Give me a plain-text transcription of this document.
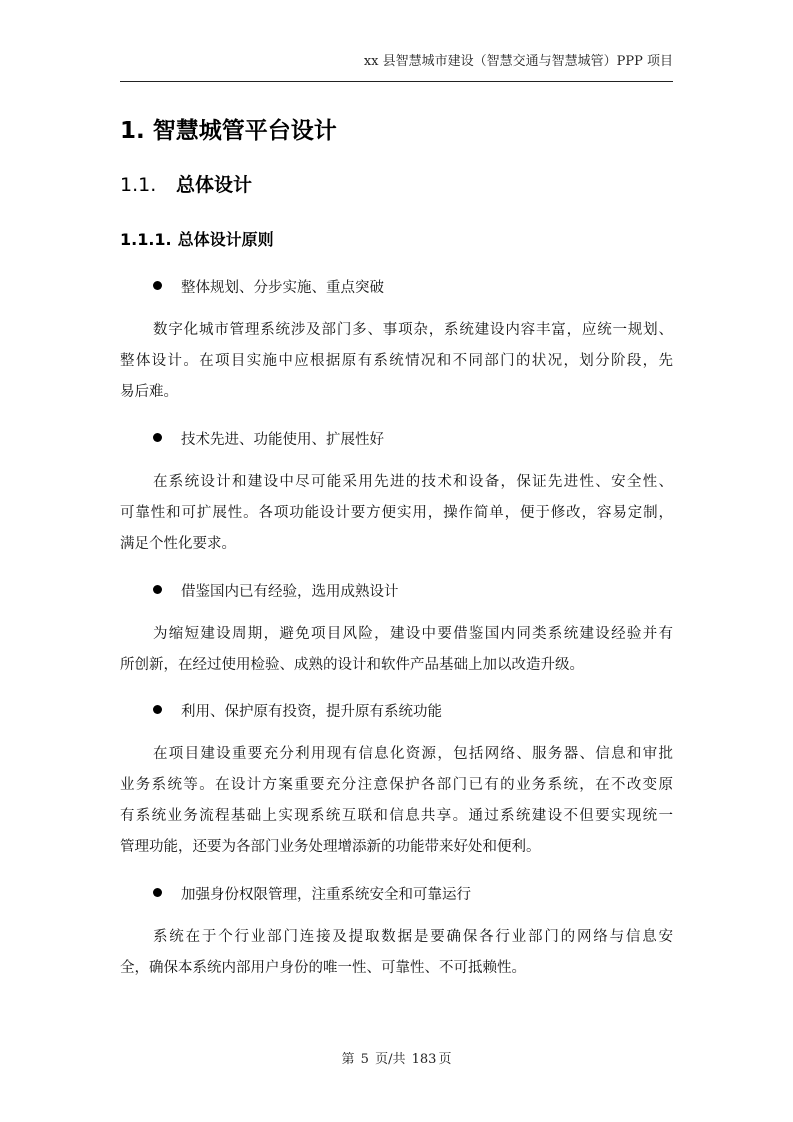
xx 县智慧城市建设（智慧交通与智慧城管）PPP 项目
1. 智慧城管平台设计
1.1. 总体设计
1.1.1. 总体设计原则
整体规划、分步实施、重点突破
数字化城市管理系统涉及部门多、事项杂，系统建设内容丰富，应统一规划、
整体设计。在项目实施中应根据原有系统情况和不同部门的状况，划分阶段，先
易后难。
技术先进、功能使用、扩展性好
在系统设计和建设中尽可能采用先进的技术和设备，保证先进性、安全性、
可靠性和可扩展性。各项功能设计要方便实用，操作简单，便于修改，容易定制，
满足个性化要求。
借鉴国内已有经验，选用成熟设计
为缩短建设周期，避免项目风险，建设中要借鉴国内同类系统建设经验并有
所创新，在经过使用检验、成熟的设计和软件产品基础上加以改造升级。
利用、保护原有投资，提升原有系统功能
在项目建设重要充分利用现有信息化资源，包括网络、服务器、信息和审批
业务系统等。在设计方案重要充分注意保护各部门已有的业务系统，在不改变原
有系统业务流程基础上实现系统互联和信息共享。通过系统建设不但要实现统一
管理功能，还要为各部门业务处理增添新的功能带来好处和便利。
加强身份权限管理，注重系统安全和可靠运行
系统在于个行业部门连接及提取数据是要确保各行业部门的网络与信息安
全，确保本系统内部用户身份的唯一性、可靠性、不可抵赖性。
第 5 页/共 183 页
